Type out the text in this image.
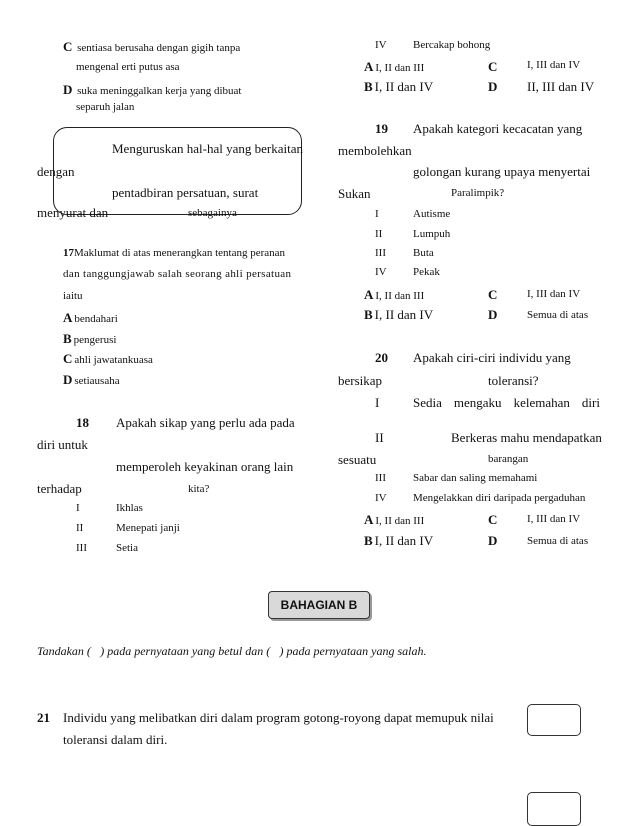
C sentiasa berusaha dengan gigih tanpa
mengenal erti putus asa
D suka meninggalkan kerja yang dibuat
separuh jalan
Menguruskan hal-hal yang berkaitan
dengan
pentadbiran persatuan, surat
menyurat dan	sebagainya
17Maklumat di atas menerangkan tentang peranan
dan tanggungjawab salah seorang ahli persatuan
iaitu
A bendahari
B pengerusi
C ahli jawatankuasa
D setiausaha
18 Apakah sikap yang perlu ada pada
diri untuk
memperoleh keyakinan orang lain
terhadap	kita?
I	Ikhlas
II	Menepati janji
III	Setia
IV Bercakap bohong
A I, II dan III	C	I, III dan IV
B I, II dan IV	D II, III dan IV
19 Apakah kategori kecacatan yang
membolehkan
golongan kurang upaya menyertai
Sukan	Paralimpik?
I	Autisme
II	Lumpuh
III Buta
IV Pekak
A I, II dan III	C	I, III dan IV
B I, II dan IV	D	Semua di atas
20 Apakah ciri-ciri individu yang
bersikap	toleransi?
I	Sedia mengaku kelemahan diri
II	Berkeras mahu mendapatkan
sesuatu	barangan
III Sabar dan saling memahami
IV Mengelakkan diri daripada pergaduhan
A I, II dan III	C	I, III dan IV
B I, II dan IV	D	Semua di atas
BAHAGIAN B
Tandakan ( ) pada pernyataan yang betul dan ( ) pada pernyataan yang salah.
21 Individu yang melibatkan diri dalam program gotong-royong dapat memupuk nilai
toleransi dalam diri.
